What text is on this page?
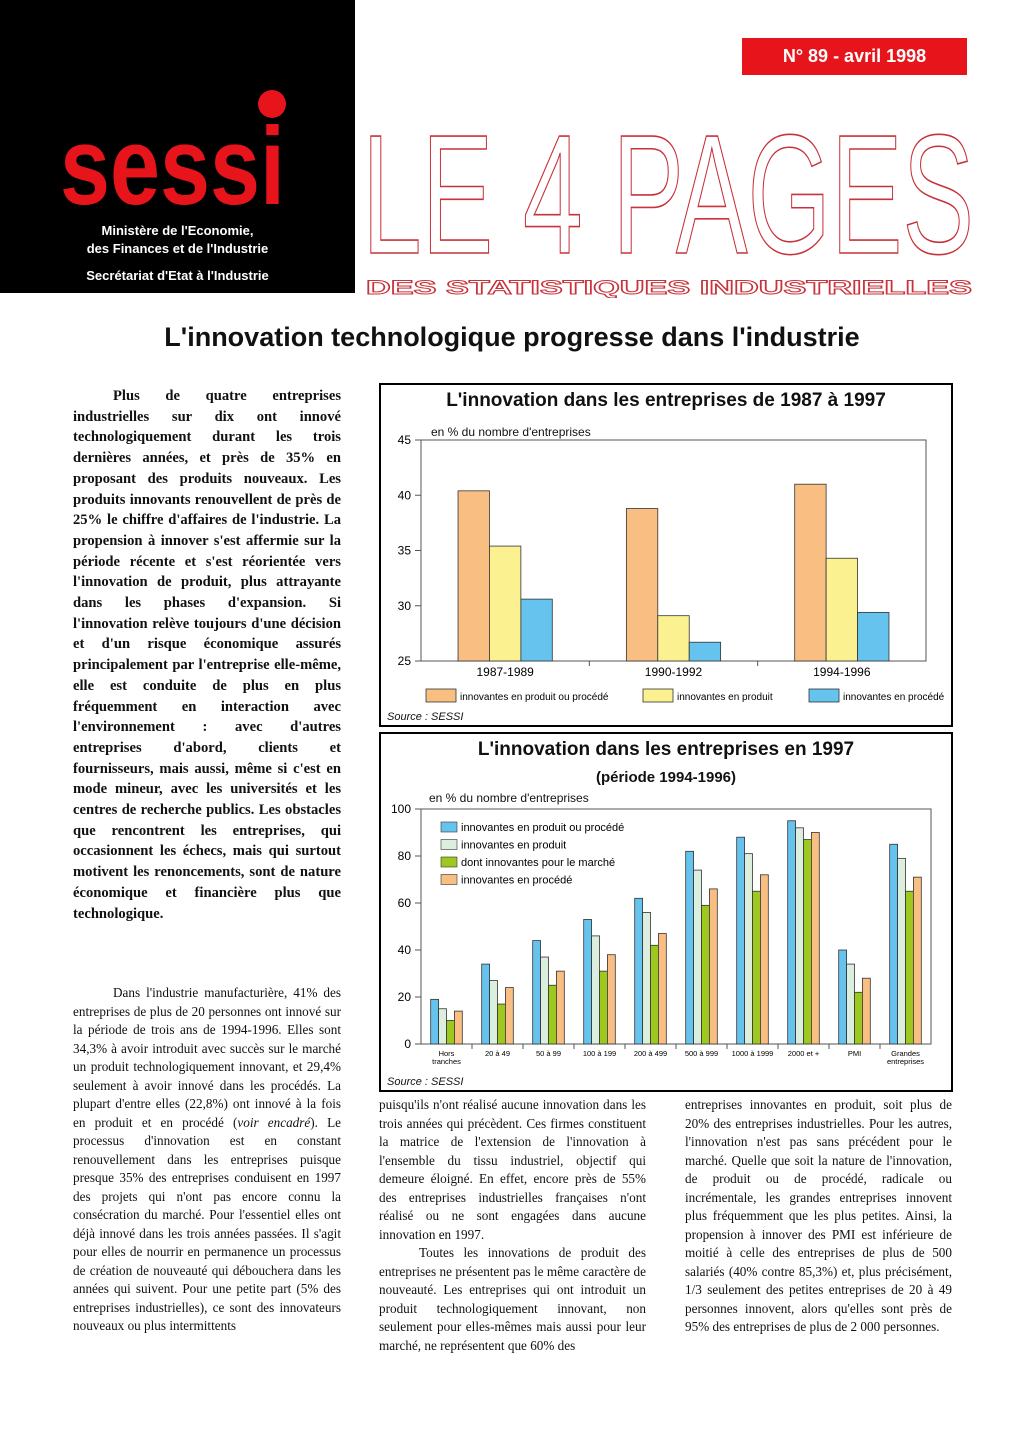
sessi
Ministère de l'Economie,
des Finances et de l'Industrie
Secrétariat d'Etat à l'Industrie
N° 89 - avril 1998
LE 4 PAGES
DES STATISTIQUES INDUSTRIELLES
L'innovation technologique progresse dans l'industrie

Plus de quatre entreprises industrielles sur dix ont innové technologiquement durant les trois dernières années, et près de 35% en proposant des produits nouveaux. Les produits innovants renouvellent de près de 25% le chiffre d'affaires de l'industrie. La propension à innover s'est affermie sur la période récente et s'est réorientée vers l'innovation de produit, plus attrayante dans les phases d'expansion. Si l'innovation relève toujours d'une décision et d'un risque économique assurés principalement par l'entreprise elle-même, elle est conduite de plus en plus fréquemment en interaction avec l'environnement : avec d'autres entreprises d'abord, clients et fournisseurs, mais aussi, même si c'est en mode mineur, avec les universités et les centres de recherche publics. Les obstacles que rencontrent les entreprises, qui occasionnent les échecs, mais qui surtout motivent les renoncements, sont de nature économique et financière plus que technologique.

L'innovation dans les entreprises de 1987 à 1997
en % du nombre d'entreprises
25
30
35
40
45
1987-1989	1990-1992	1994-1996
innovantes en produit ou procédé	innovantes en produit	innovantes en procédé
Source : SESSI
L'innovation dans les entreprises en 1997
(période 1994-1996)
en % du nombre d'entreprises
0
20
40
60
80
100
Hors
tranches
20 à 49	50 à 99	100 à 199 200 à 499 500 à 999 1000 à 1999 2000 et +	PMI	Grandes
entreprises
innovantes en produit ou procédé
innovantes en produit
dont innovantes pour le marché
innovantes en procédé
Source : SESSI

Dans l'industrie manufacturière, 41% des entreprises de plus de 20 personnes ont innové sur la période de trois ans de 1994-1996. Elles sont 34,3% à avoir introduit avec succès sur le marché un produit technologiquement innovant, et 29,4% seulement à avoir innové dans les procédés. La plupart d'entre elles (22,8%) ont innové à la fois en produit et en procédé (voir encadré). Le processus d'innovation est en constant renouvellement dans les entreprises puisque presque 35% des entreprises conduisent en 1997 des projets qui n'ont pas encore connu la consécration du marché. Pour l'essentiel elles ont déjà innové dans les trois années passées. Il s'agit pour elles de nourrir en permanence un processus de création de nouveauté qui débouchera dans les années qui suivent. Pour une petite part (5% des entreprises industrielles), ce sont des innovateurs nouveaux ou plus intermittents

puisqu'ils n'ont réalisé aucune innovation dans les trois années qui précèdent. Ces firmes constituent la matrice de l'extension de l'innovation à l'ensemble du tissu industriel, objectif qui demeure éloigné. En effet, encore près de 55% des entreprises industrielles françaises n'ont réalisé ou ne sont engagées dans aucune innovation en 1997.

Toutes les innovations de produit des entreprises ne présentent pas le même caractère de nouveauté. Les entreprises qui ont introduit un produit technologiquement innovant, non seulement pour elles-mêmes mais aussi pour leur marché, ne représentent que 60% des

entreprises innovantes en produit, soit plus de 20% des entreprises industrielles. Pour les autres, l'innovation n'est pas sans précédent pour le marché. Quelle que soit la nature de l'innovation, de produit ou de procédé, radicale ou incrémentale, les grandes entreprises innovent plus fréquemment que les plus petites. Ainsi, la propension à innover des PMI est inférieure de moitié à celle des entreprises de plus de 500 salariés (40% contre 85,3%) et, plus précisément, 1/3 seulement des petites entreprises de 20 à 49 personnes innovent, alors qu'elles sont près de 95% des entreprises de plus de 2 000 personnes.
